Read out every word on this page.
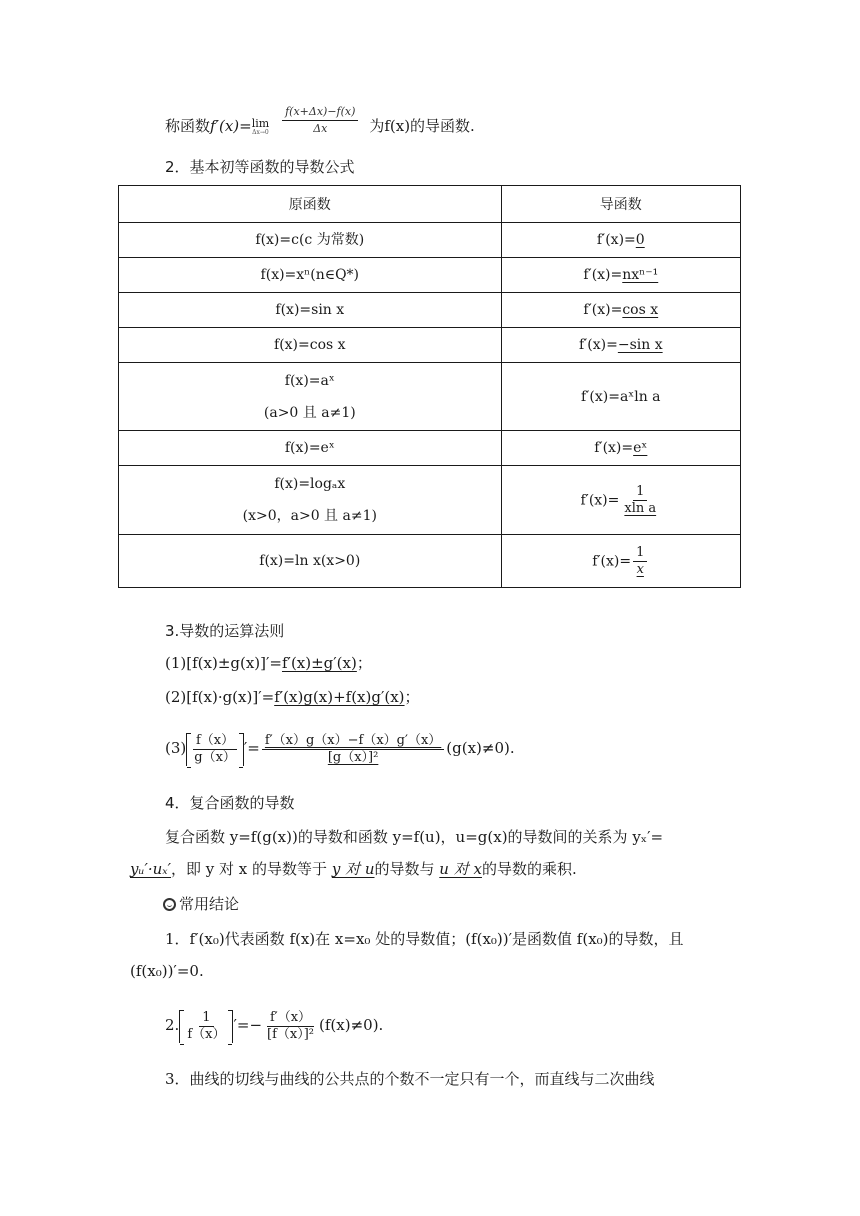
称函数f′(x)= lim
$\Delta x\to 0 \frac{f(x+\Delta x)-f(x)}{\Delta x}$ 为f(x)的导函数.
2．基本初等函数的导数公式
原函数	导函数
f(x)=c(c 为常数)	f′(x)=0
f(x)=xⁿ(n∈Q*)	f′(x)=nxⁿ⁻¹
f(x)=sin x	f′(x)=cos x
f(x)=cos x	f′(x)=−sin x

f(x)=aˣ
(a>0 且 a≠1)	f′(x)=aˣln a
f(x)=eˣ	f′(x)=eˣ

f(x)=logₐx
(x>0，a>0 且 a≠1)	$f'(x)= \frac{1}{\text{xln a}}$

f(x)=ln x(x>0)	$f'(x)= \frac{1}{x}$
3.导数的运算法则
(1)[f(x)±g(x)]′=f′(x)±g′(x)；
(2)[f(x)·g(x)]′=f′(x)g(x)+f(x)g′(x)；
$(3) \frac{f(x)}{g(x)}$ ′= $\frac{f'(x)g(x)-f(x)g'(x)}{\text{[g（x）]²}} (g(x)\ne 0)$.
4．复合函数的导数
复合函数 y=f(g(x))的导数和函数 y=f(u)，u=g(x)的导数间的关系为 yₓ′=
yᵤ′·uₓ′，即 y 对 x 的导数等于 y 对 u的导数与 u 对 x的导数的乘积.
常用结论
1．f′(x₀)代表函数 f(x)在 x=x₀ 处的导数值；(f(x₀))′是函数值 f(x₀)的导数，且
(f(x₀))′=0.
2. $\frac{1}{f(x)}$ ′=− $\frac{f'(x)}{\text{[f（x）]²}} (f(x)\ne 0)$.
3．曲线的切线与曲线的公共点的个数不一定只有一个，而直线与二次曲线
